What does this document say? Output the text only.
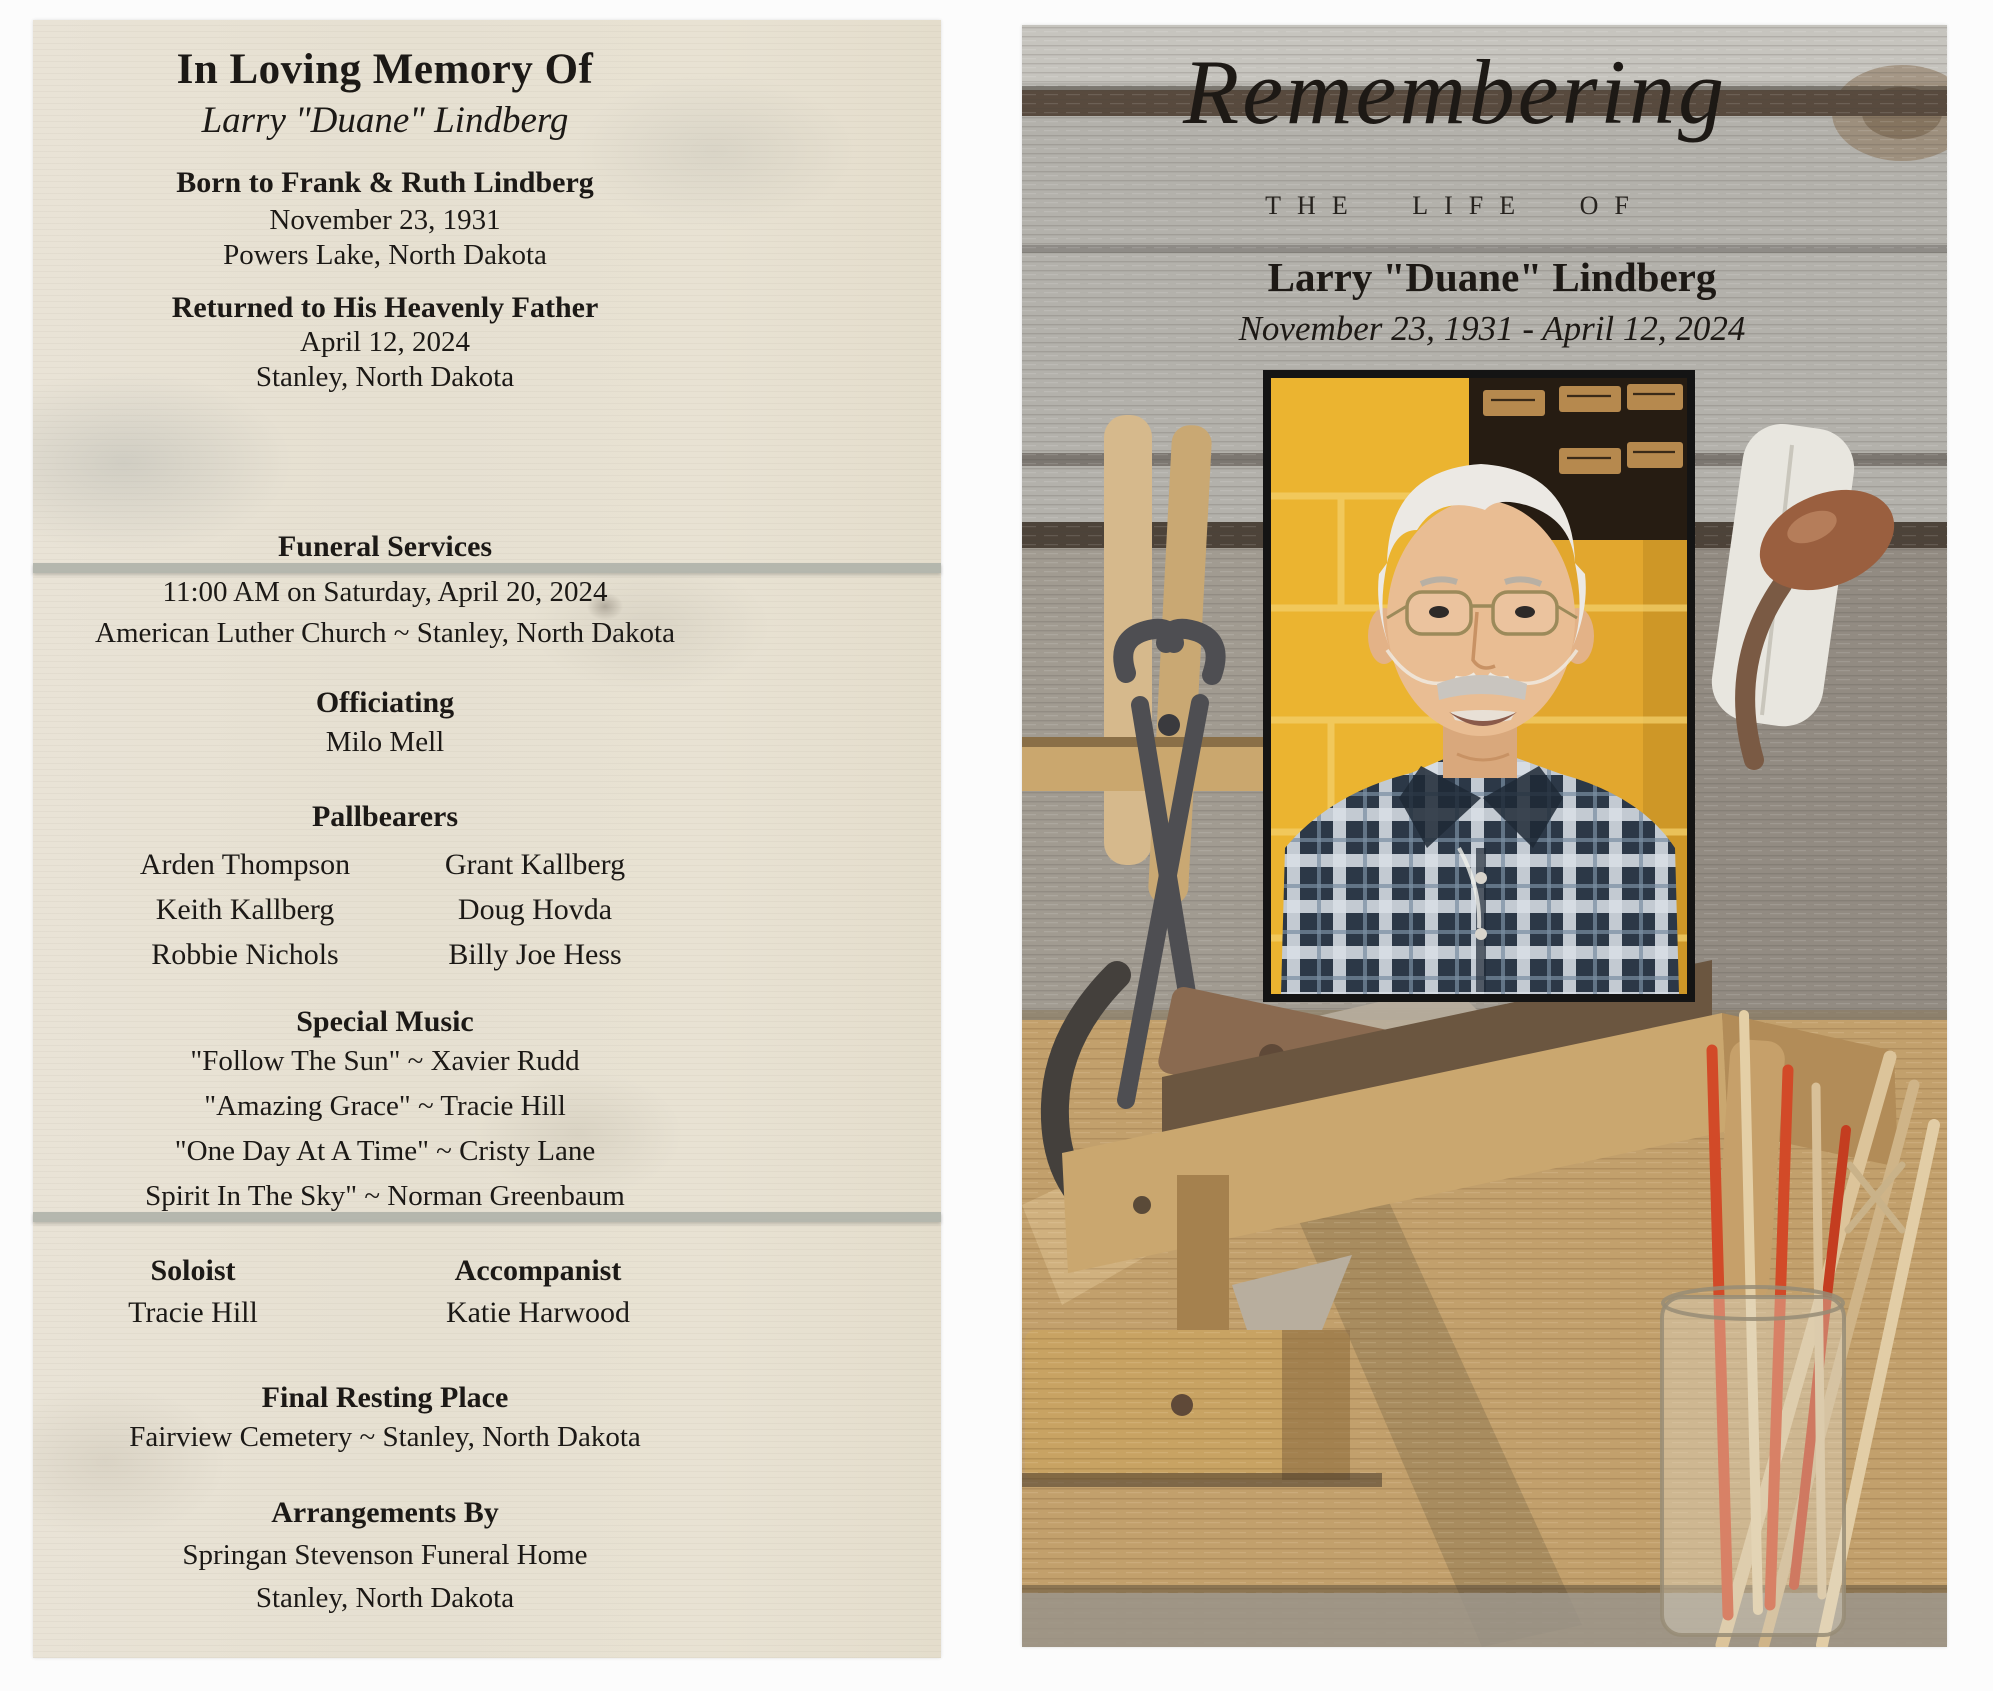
In Loving Memory Of
Larry "Duane" Lindberg
Born to Frank & Ruth Lindberg
November 23, 1931
Powers Lake, North Dakota
Returned to His Heavenly Father
April 12, 2024
Stanley, North Dakota
Funeral Services
11:00 AM on Saturday, April 20, 2024
American Luther Church ~ Stanley, North Dakota
Officiating
Milo Mell
Pallbearers
Arden Thompson
Keith Kallberg
Robbie Nichols
Grant Kallberg
Doug Hovda
Billy Joe Hess
Special Music
"Follow The Sun" ~ Xavier Rudd
"Amazing Grace" ~ Tracie Hill
"One Day At A Time" ~ Cristy Lane
Spirit In The Sky" ~ Norman Greenbaum
Soloist
Tracie Hill
Accompanist
Katie Harwood
Final Resting Place
Fairview Cemetery ~ Stanley, North Dakota
Arrangements By
Springan Stevenson Funeral Home
Stanley, North Dakota
Remembering
THE LIFE OF
Larry "Duane" Lindberg
November 23, 1931 - April 12, 2024
